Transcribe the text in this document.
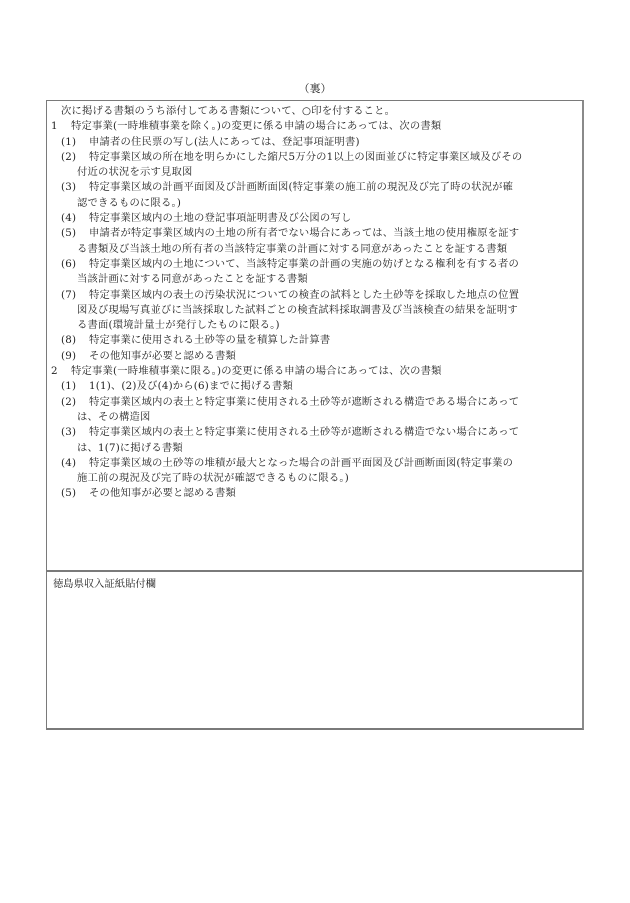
（裏）
次に掲げる書類のうち添付してある書類について、○印を付すること。
1 特定事業(一時堆積事業を除く。)の変更に係る申請の場合にあっては、次の書類
(1) 申請者の住民票の写し(法人にあっては、登記事項証明書)
(2) 特定事業区域の所在地を明らかにした縮尺5万分の1以上の図面並びに特定事業区域及びその
付近の状況を示す見取図
(3) 特定事業区域の計画平面図及び計画断面図(特定事業の施工前の現況及び完了時の状況が確
認できるものに限る。)
(4) 特定事業区域内の土地の登記事項証明書及び公図の写し
(5) 申請者が特定事業区域内の土地の所有者でない場合にあっては、当該土地の使用権原を証す
る書類及び当該土地の所有者の当該特定事業の計画に対する同意があったことを証する書類
(6) 特定事業区域内の土地について、当該特定事業の計画の実施の妨げとなる権利を有する者の
当該計画に対する同意があったことを証する書類
(7) 特定事業区域内の表土の汚染状況についての検査の試料とした土砂等を採取した地点の位置
図及び現場写真並びに当該採取した試料ごとの検査試料採取調書及び当該検査の結果を証明す
る書面(環境計量士が発行したものに限る。)
(8) 特定事業に使用される土砂等の量を積算した計算書
(9) その他知事が必要と認める書類
2 特定事業(一時堆積事業に限る。)の変更に係る申請の場合にあっては、次の書類
(1) 1(1)、(2)及び(4)から(6)までに掲げる書類
(2) 特定事業区域内の表土と特定事業に使用される土砂等が遮断される構造である場合にあって
は、その構造図
(3) 特定事業区域内の表土と特定事業に使用される土砂等が遮断される構造でない場合にあって
は、1(7)に掲げる書類
(4) 特定事業区域の土砂等の堆積が最大となった場合の計画平面図及び計画断面図(特定事業の
施工前の現況及び完了時の状況が確認できるものに限る。)
(5) その他知事が必要と認める書類
徳島県収入証紙貼付欄
